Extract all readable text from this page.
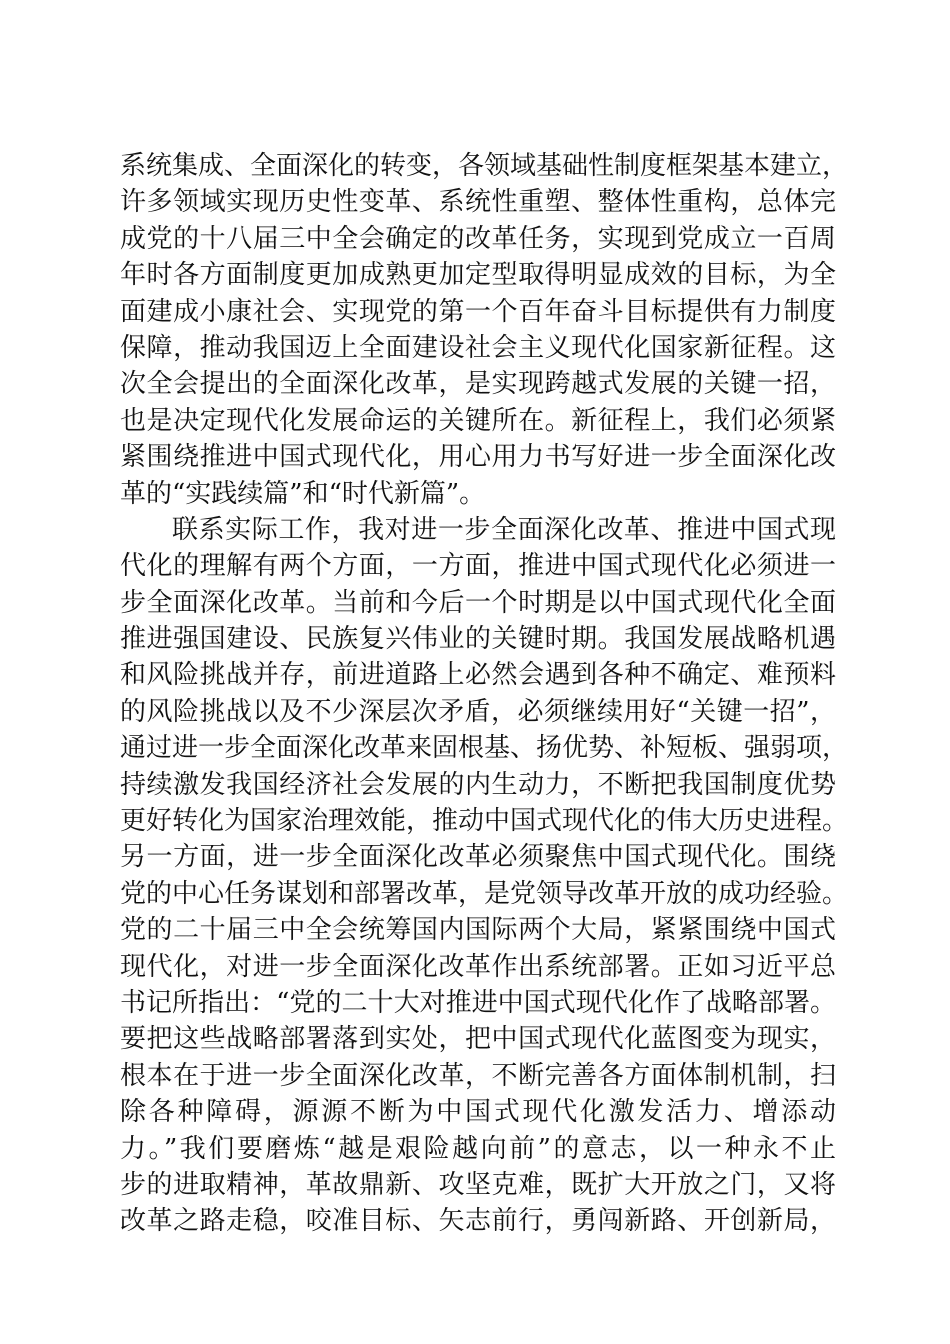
系统集成、全面深化的转变，各领域基础性制度框架基本建立，
许多领域实现历史性变革、系统性重塑、整体性重构，总体完
成党的十八届三中全会确定的改革任务，实现到党成立一百周
年时各方面制度更加成熟更加定型取得明显成效的目标，为全
面建成小康社会、实现党的第一个百年奋斗目标提供有力制度
保障，推动我国迈上全面建设社会主义现代化国家新征程。这
次全会提出的全面深化改革，是实现跨越式发展的关键一招，
也是决定现代化发展命运的关键所在。新征程上，我们必须紧
紧围绕推进中国式现代化，用心用力书写好进一步全面深化改
革的“实践续篇”和“时代新篇”。
联系实际工作，我对进一步全面深化改革、推进中国式现
代化的理解有两个方面，一方面，推进中国式现代化必须进一
步全面深化改革。当前和今后一个时期是以中国式现代化全面
推进强国建设、民族复兴伟业的关键时期。我国发展战略机遇
和风险挑战并存，前进道路上必然会遇到各种不确定、难预料
的风险挑战以及不少深层次矛盾，必须继续用好“关键一招”，
通过进一步全面深化改革来固根基、扬优势、补短板、强弱项，
持续激发我国经济社会发展的内生动力，不断把我国制度优势
更好转化为国家治理效能，推动中国式现代化的伟大历史进程。
另一方面，进一步全面深化改革必须聚焦中国式现代化。围绕
党的中心任务谋划和部署改革，是党领导改革开放的成功经验。
党的二十届三中全会统筹国内国际两个大局，紧紧围绕中国式
现代化，对进一步全面深化改革作出系统部署。正如习近平总
书记所指出：“党的二十大对推进中国式现代化作了战略部署。
要把这些战略部署落到实处，把中国式现代化蓝图变为现实，
根本在于进一步全面深化改革，不断完善各方面体制机制，扫
除各种障碍，源源不断为中国式现代化激发活力、增添动
力。”我们要磨炼“越是艰险越向前”的意志，以一种永不止
步的进取精神，革故鼎新、攻坚克难，既扩大开放之门，又将
改革之路走稳，咬准目标、矢志前行，勇闯新路、开创新局，
